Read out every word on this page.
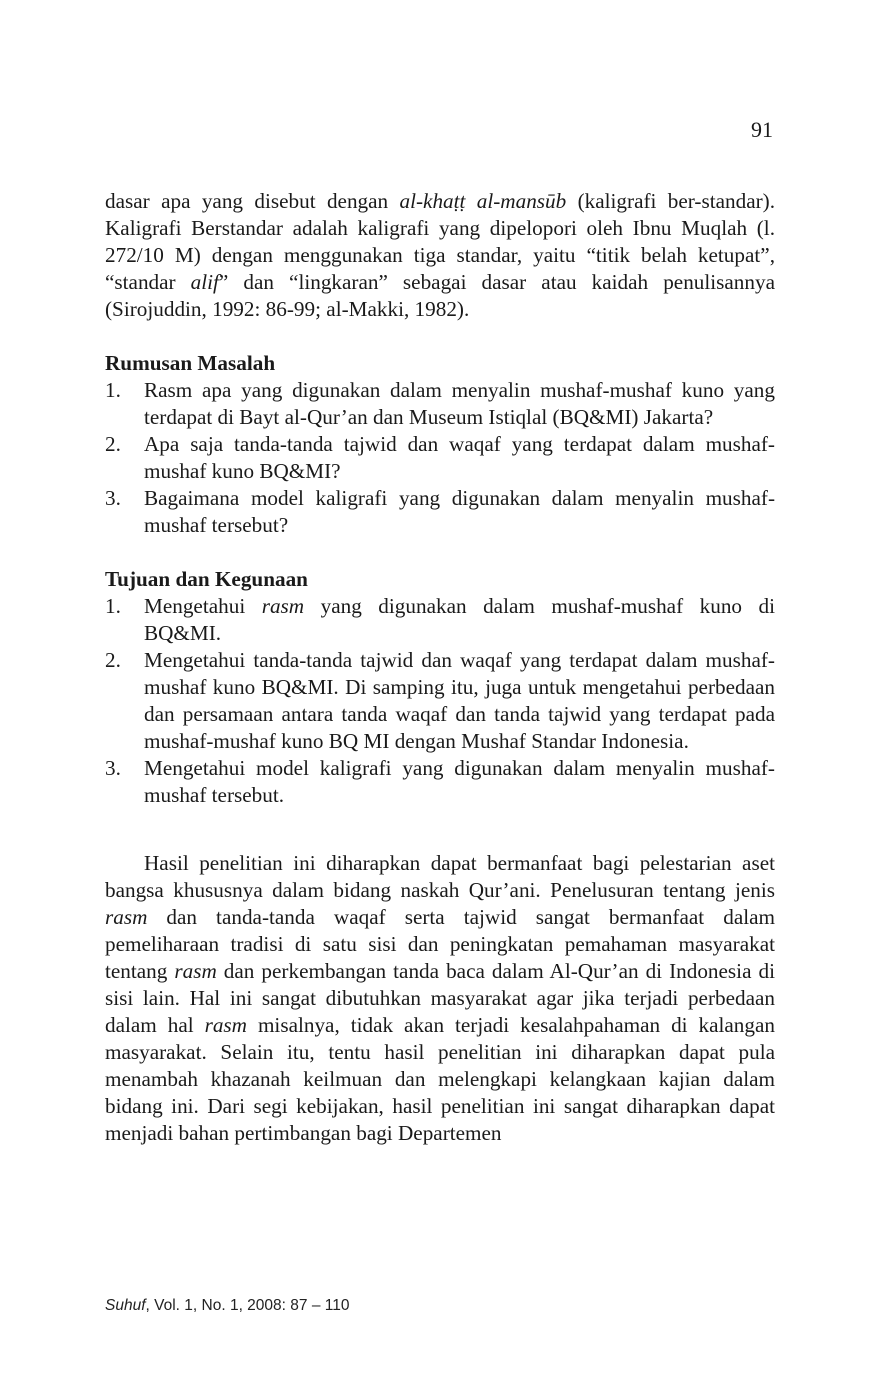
91

dasar apa yang disebut dengan al-khaṭṭ al-mansūb (kaligrafi ber-standar). Kaligrafi Berstandar adalah kaligrafi yang dipelopori oleh Ibnu Muqlah (l. 272/10 M) dengan menggunakan tiga standar, yaitu “titik belah ketupat”, “standar alif” dan “lingkaran” sebagai dasar atau kaidah penulisannya (Sirojuddin, 1992: 86-99; al-Makki, 1982).

Rumusan Masalah
1. Rasm apa yang digunakan dalam menyalin mushaf-mushaf kuno yang terdapat di Bayt al-Qur’an dan Museum Istiqlal (BQ&MI) Jakarta?
2. Apa saja tanda-tanda tajwid dan waqaf yang terdapat dalam mushaf-mushaf kuno BQ&MI?
3. Bagaimana model kaligrafi yang digunakan dalam menyalin mushaf-mushaf tersebut?
Tujuan dan Kegunaan
1. Mengetahui rasm yang digunakan dalam mushaf-mushaf kuno di BQ&MI.
2. Mengetahui tanda-tanda tajwid dan waqaf yang terdapat dalam mushaf-mushaf kuno BQ&MI. Di samping itu, juga untuk mengetahui perbedaan dan persamaan antara tanda waqaf dan tanda tajwid yang terdapat pada mushaf-mushaf kuno BQ MI dengan Mushaf Standar Indonesia.
3. Mengetahui model kaligrafi yang digunakan dalam menyalin mushaf-mushaf tersebut.

Hasil penelitian ini diharapkan dapat bermanfaat bagi pelestarian aset bangsa khususnya dalam bidang naskah Qur’ani. Penelusuran tentang jenis rasm dan tanda-tanda waqaf serta tajwid sangat bermanfaat dalam pemeliharaan tradisi di satu sisi dan peningkatan pemahaman masyarakat tentang rasm dan perkembangan tanda baca dalam Al-Qur’an di Indonesia di sisi lain. Hal ini sangat dibutuhkan masyarakat agar jika terjadi perbedaan dalam hal rasm misalnya, tidak akan terjadi kesalahpahaman di kalangan masyarakat. Selain itu, tentu hasil penelitian ini diharapkan dapat pula menambah khazanah keilmuan dan melengkapi kelangkaan kajian dalam bidang ini. Dari segi kebijakan, hasil penelitian ini sangat diharapkan dapat menjadi bahan pertimbangan bagi Departemen

Suhuf, Vol. 1, No. 1, 2008: 87 – 110
